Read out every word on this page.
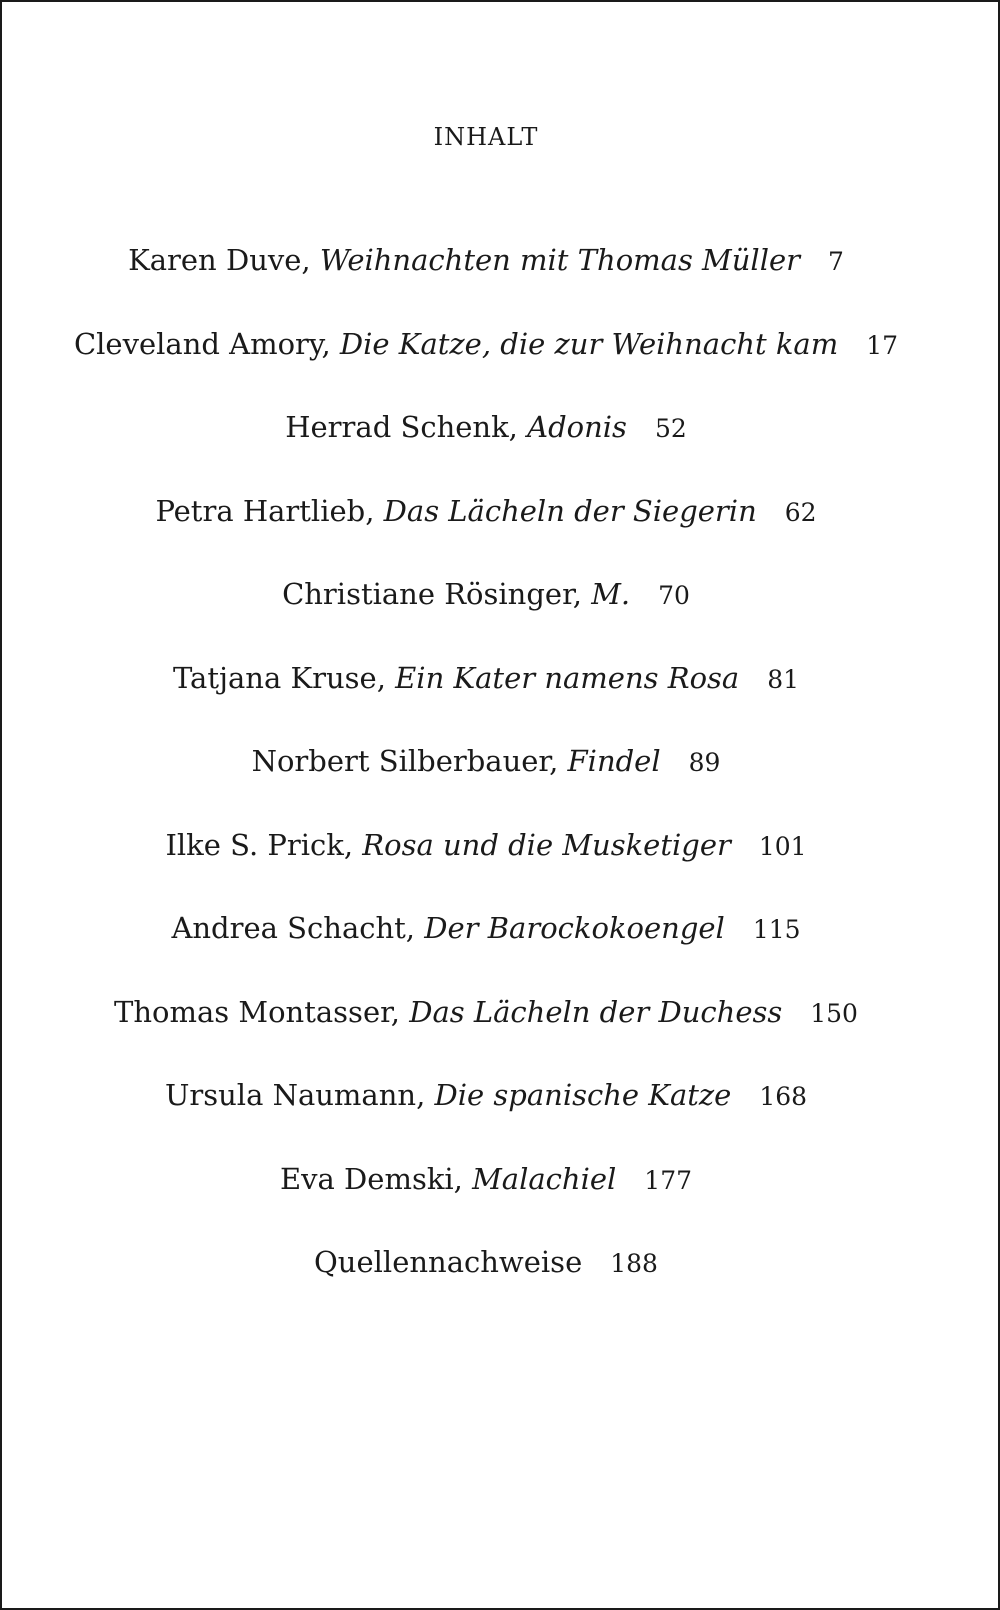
INHALT
Karen Duve, Weihnachten mit Thomas Müller 7
Cleveland Amory, Die Katze, die zur Weihnacht kam 17
Herrad Schenk, Adonis 52
Petra Hartlieb, Das Lächeln der Siegerin 62
Christiane Rösinger, M. 70
Tatjana Kruse, Ein Kater namens Rosa 81
Norbert Silberbauer, Findel 89
Ilke S. Prick, Rosa und die Musketiger 101
Andrea Schacht, Der Barockokoengel 115
Thomas Montasser, Das Lächeln der Duchess 150
Ursula Naumann, Die spanische Katze 168
Eva Demski, Malachiel 177
Quellennachweise 188
